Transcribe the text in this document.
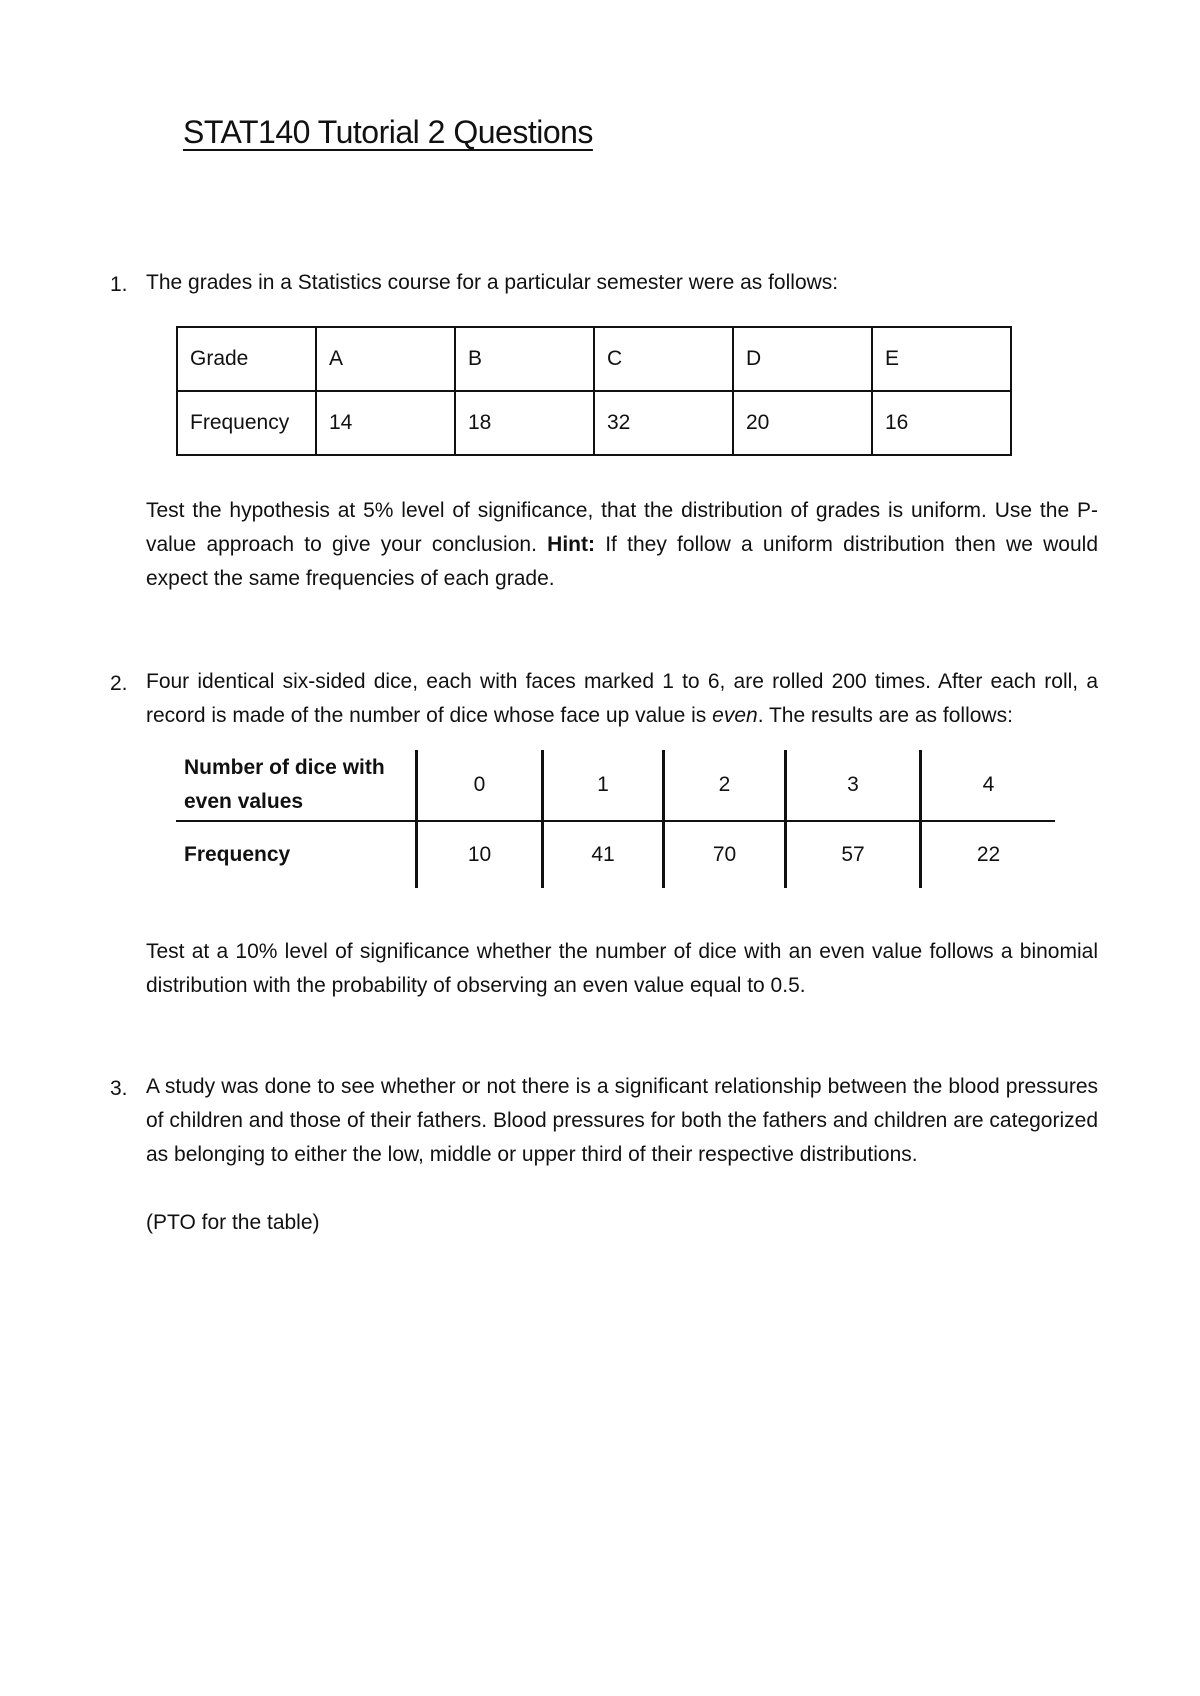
STAT140 Tutorial 2 Questions
1. The grades in a Statistics course for a particular semester were as follows:
Grade	A	B	C	D	E
Frequency	14	18	32	20	16
Test the hypothesis at 5% level of significance, that the distribution of grades is uniform. Use the P-value approach to give your conclusion. Hint: If they follow a uniform distribution then we would expect the same frequencies of each grade.
2. Four identical six-sided dice, each with faces marked 1 to 6, are rolled 200 times. After each roll, a record is made of the number of dice whose face up value is even. The results are as follows:
Number of dice with
even values	0	1	2	3	4
Frequency	10	41	70	57	22
Test at a 10% level of significance whether the number of dice with an even value follows a binomial distribution with the probability of observing an even value equal to 0.5.
3. A study was done to see whether or not there is a significant relationship between the blood pressures of children and those of their fathers. Blood pressures for both the fathers and children are categorized as belonging to either the low, middle or upper third of their respective distributions.
(PTO for the table)
